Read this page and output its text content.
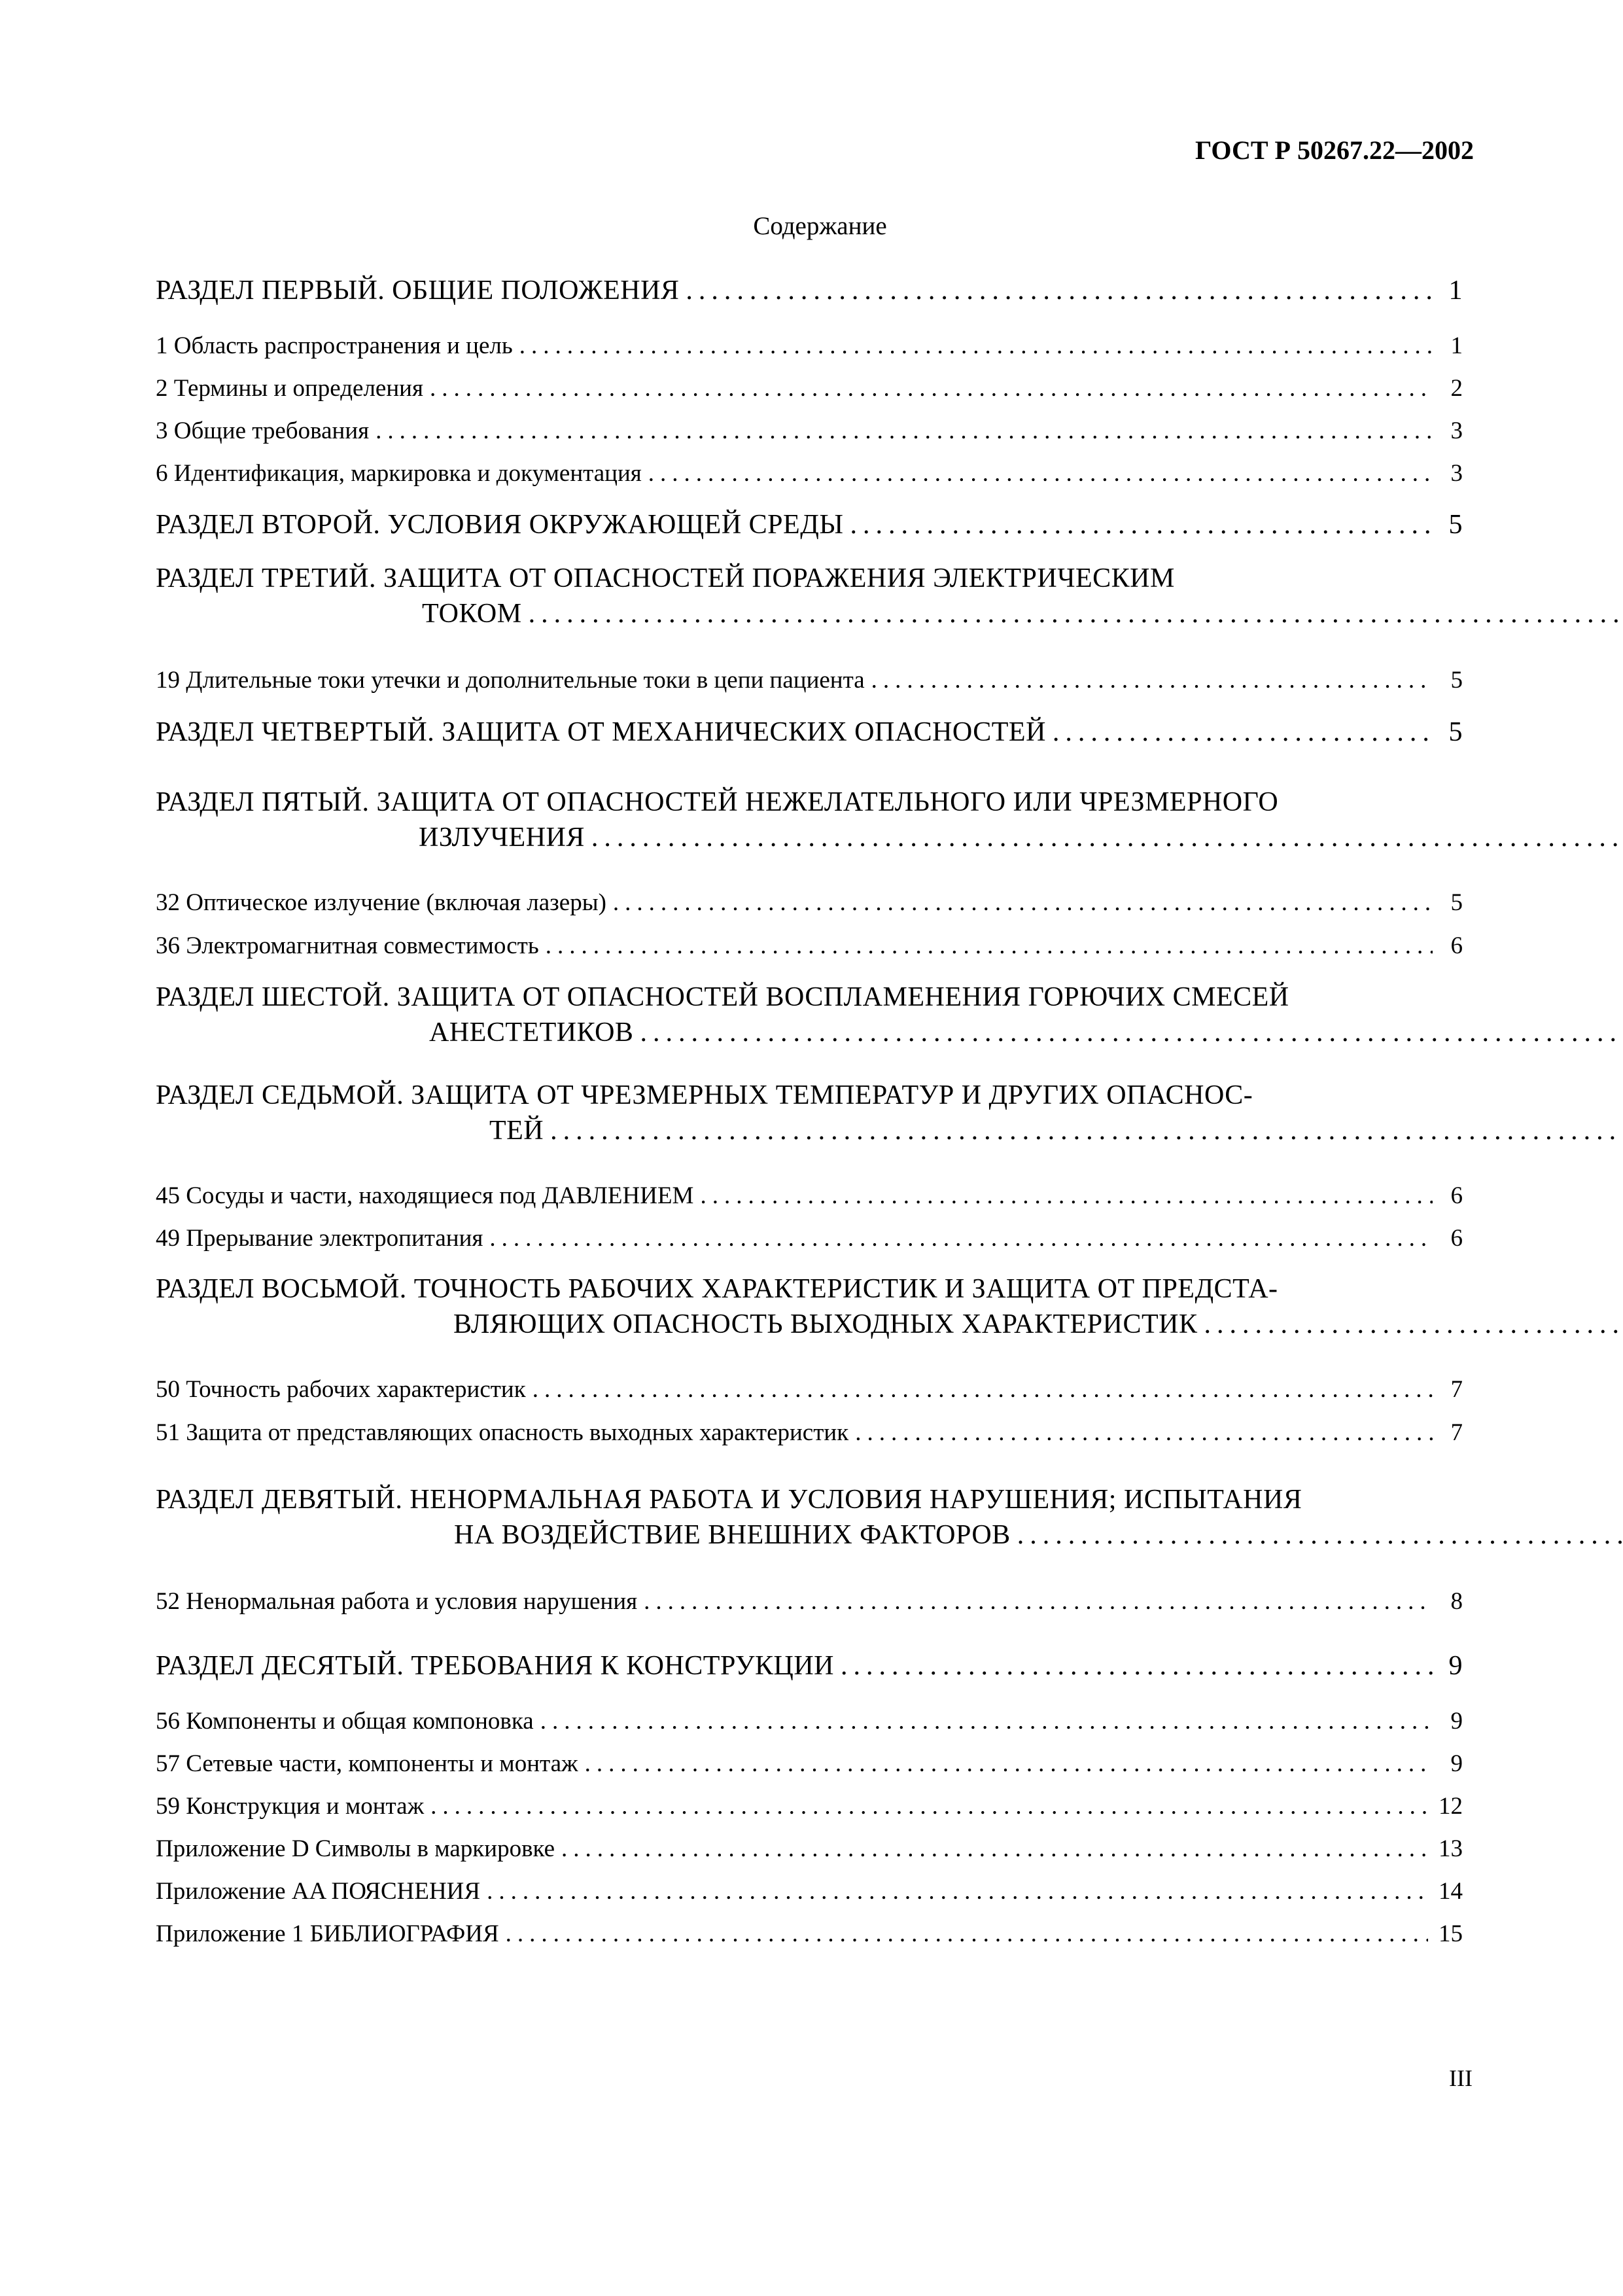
ГОСТ Р 50267.22—2002
Содержание
РАЗДЕЛ ПЕРВЫЙ. ОБЩИЕ ПОЛОЖЕНИЯ .....	1
1 Область распространения и цель .....	1
2 Термины и определения .....	2
3 Общие требования .....	3
6 Идентификация, маркировка и документация .....	3
РАЗДЕЛ ВТОРОЙ. УСЛОВИЯ ОКРУЖАЮЩЕЙ СРЕДЫ .....	5
РАЗДЕЛ ТРЕТИЙ. ЗАЩИТА ОТ ОПАСНОСТЕЙ ПОРАЖЕНИЯ ЭЛЕКТРИЧЕСКИМ
ТОКОМ
.....
19 Длительные токи утечки и дополнительные токи в цепи пациента .....	5
РАЗДЕЛ ЧЕТВЕРТЫЙ. ЗАЩИТА ОТ МЕХАНИЧЕСКИХ ОПАСНОСТЕЙ .....	5
РАЗДЕЛ ПЯТЫЙ. ЗАЩИТА ОТ ОПАСНОСТЕЙ НЕЖЕЛАТЕЛЬНОГО ИЛИ ЧРЕЗМЕРНОГО
ИЗЛУЧЕНИЯ
.....
32 Оптическое излучение (включая лазеры) .....	5
36 Электромагнитная совместимость .....	6
РАЗДЕЛ ШЕСТОЙ. ЗАЩИТА ОТ ОПАСНОСТЕЙ ВОСПЛАМЕНЕНИЯ ГОРЮЧИХ СМЕСЕЙ
АНЕСТЕТИКОВ
.....
РАЗДЕЛ СЕДЬМОЙ. ЗАЩИТА ОТ ЧРЕЗМЕРНЫХ ТЕМПЕРАТУР И ДРУГИХ ОПАСНОС-
ТЕЙ
.....
45 Сосуды и части, находящиеся под ДАВЛЕНИЕМ .....	6
49 Прерывание электропитания .....	6
РАЗДЕЛ ВОСЬМОЙ. ТОЧНОСТЬ РАБОЧИХ ХАРАКТЕРИСТИК И ЗАЩИТА ОТ ПРЕДСТА-
ВЛЯЮЩИХ ОПАСНОСТЬ ВЫХОДНЫХ ХАРАКТЕРИСТИК
.....
50 Точность рабочих характеристик .....	7
51 Защита от представляющих опасность выходных характеристик .....	7
РАЗДЕЛ ДЕВЯТЫЙ. НЕНОРМАЛЬНАЯ РАБОТА И УСЛОВИЯ НАРУШЕНИЯ; ИСПЫТАНИЯ
НА ВОЗДЕЙСТВИЕ ВНЕШНИХ ФАКТОРОВ
.....
52 Ненормальная работа и условия нарушения .....	8
РАЗДЕЛ ДЕСЯТЫЙ. ТРЕБОВАНИЯ К КОНСТРУКЦИИ .....	9
56 Компоненты и общая компоновка .....	9
57 Сетевые части, компоненты и монтаж .....	9
59 Конструкция и монтаж .....	12
Приложение D Символы в маркировке .....	13
Приложение AA ПОЯСНЕНИЯ .....	14
Приложение 1 БИБЛИОГРАФИЯ .....	15
III
